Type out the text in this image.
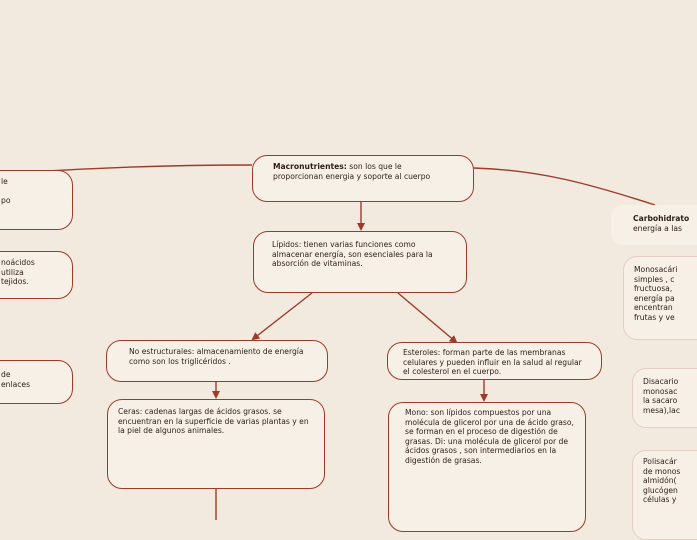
le

po
noácidos
utiliza
tejidos.
de
enlaces
Macronutrientes: son los que le proporcionan energia y soporte al cuerpo
Lípidos: tienen varias funciones como almacenar energía, son esenciales para la absorción de vitaminas.
No estructurales: almacenamiento de energía como son los triglicéridos .
Esteroles: forman parte de las membranas celulares y pueden influir en la salud al regular el colesterol en el cuerpo.
Ceras: cadenas largas de ácidos grasos. se encuentran en la superficie de varias plantas y en la piel de algunos animales.
Mono: son lípidos compuestos por una molécula de glicerol por una de ácido graso, se forman en el proceso de digestión de grasas. Di: una molécula de glicerol por de ácidos grasos , son intermediarios en la digestión de grasas.
Carbohidrato
energía a las
Monosacári
simples , c
fructuosa,
energía pa
encentran
frutas y ve
Disacario
monosac
la sacaro
mesa),lac
Polisacár
de monos
almidón(
glucógen
células y
